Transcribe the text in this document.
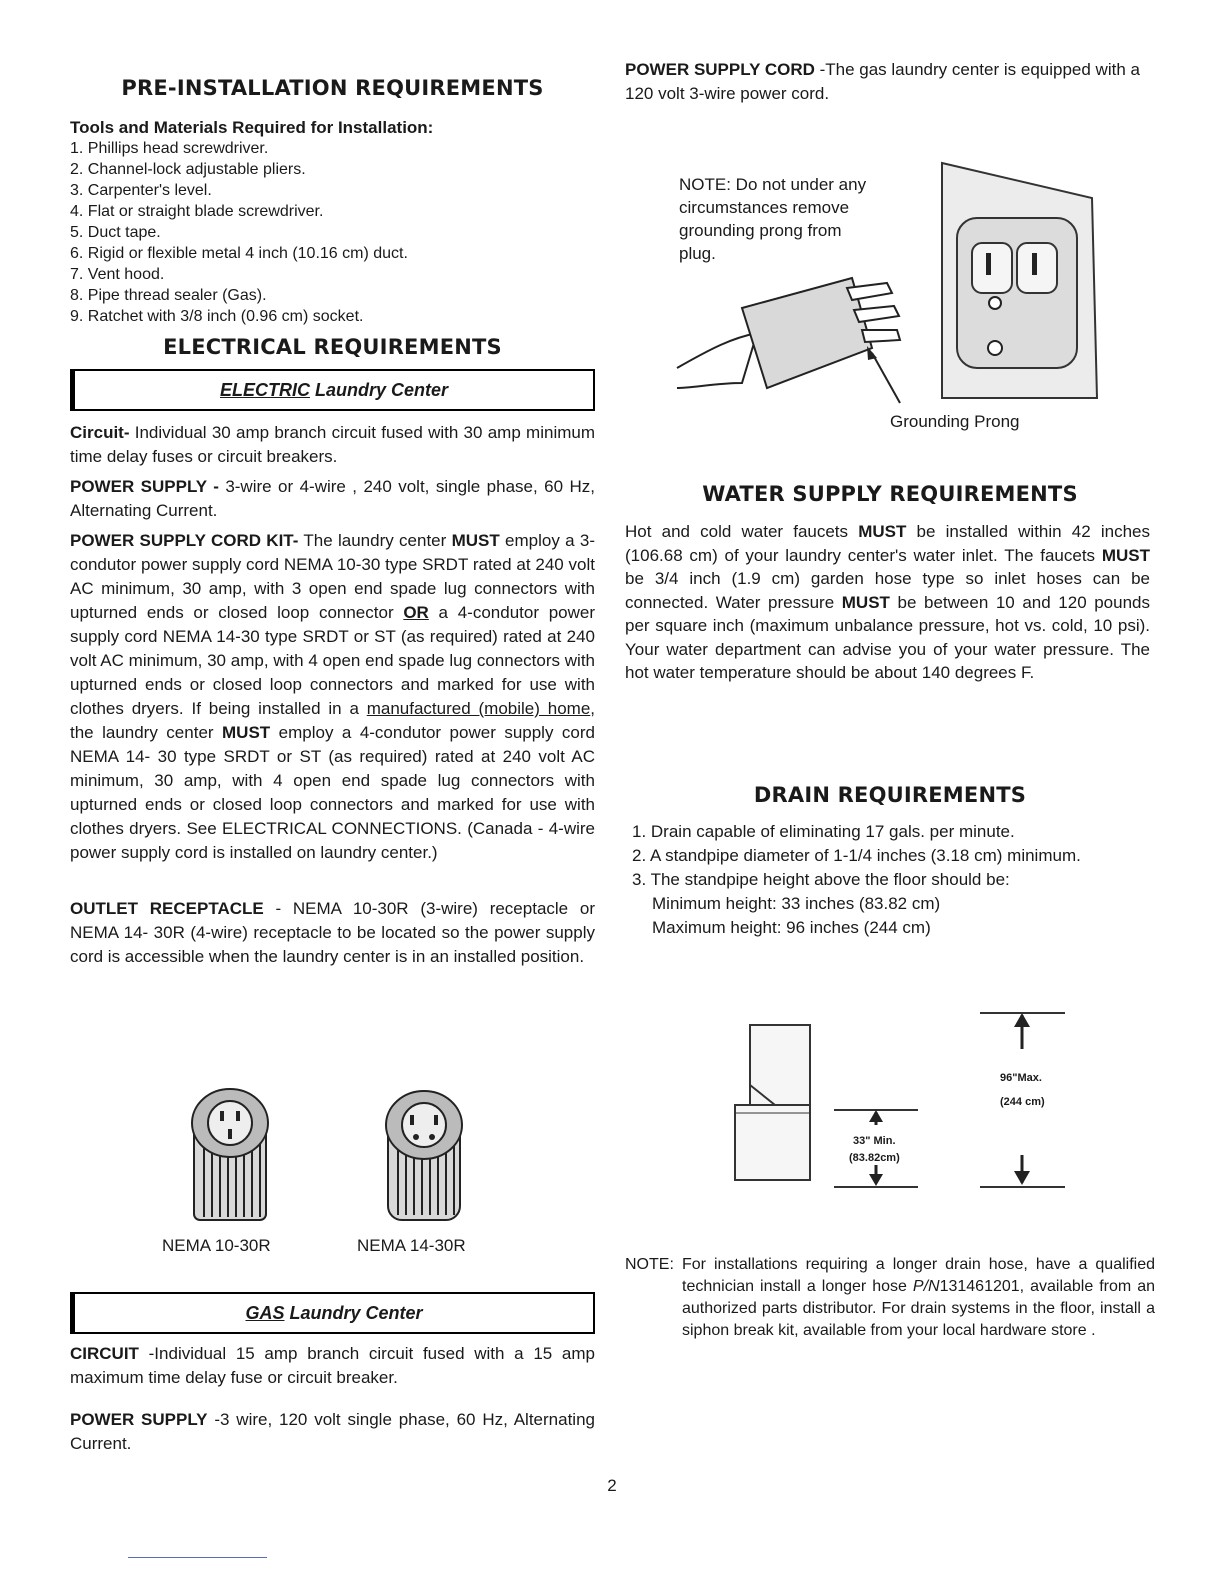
PRE-INSTALLATION REQUIREMENTS
Tools and Materials Required for Installation:
1. Phillips head screwdriver.
2. Channel-lock adjustable pliers.
3. Carpenter's level.
4. Flat or straight blade screwdriver.
5. Duct tape.
6. Rigid or flexible metal 4 inch (10.16 cm) duct.
7. Vent hood.
8. Pipe thread sealer (Gas).
9. Ratchet with 3/8 inch (0.96 cm) socket.
ELECTRICAL REQUIREMENTS
ELECTRIC Laundry Center

Circuit- Individual 30 amp branch circuit fused with 30 amp minimum time delay fuses or circuit breakers.

POWER SUPPLY - 3-wire or 4-wire , 240 volt, single phase, 60 Hz, Alternating Current.

POWER SUPPLY CORD KIT- The laundry center MUST employ a 3-condutor power supply cord NEMA 10-30 type SRDT rated at 240 volt AC minimum, 30 amp, with 3 open end spade lug connectors with upturned ends or closed loop connector OR a 4-condutor power supply cord NEMA 14-30 type SRDT or ST (as required) rated at 240 volt AC minimum, 30 amp, with 4 open end spade lug connectors with upturned ends or closed loop connectors and marked for use with clothes dryers. If being installed in a manufactured (mobile) home, the laundry center MUST employ a 4-condutor power supply cord NEMA 14- 30 type SRDT or ST (as required) rated at 240 volt AC minimum, 30 amp, with 4 open end spade lug connectors with upturned ends or closed loop connectors and marked for use with clothes dryers. See ELECTRICAL CONNECTIONS. (Canada - 4-wire power supply cord is installed on laundry center.)

OUTLET RECEPTACLE - NEMA 10-30R (3-wire) receptacle or NEMA 14- 30R (4-wire) receptacle to be located so the power supply cord is accessible when the laundry center is in an installed position.

NEMA 10-30R	NEMA 14-30R
GAS Laundry Center

CIRCUIT -Individual 15 amp branch circuit fused with a 15 amp maximum time delay fuse or circuit breaker.

POWER SUPPLY -3 wire, 120 volt single phase, 60 Hz, Alternating Current.

POWER SUPPLY CORD -The gas laundry center is equipped with a 120 volt 3-wire power cord.

NOTE: Do not under any circumstances remove grounding prong from plug.
Grounding Prong
WATER SUPPLY REQUIREMENTS

Hot and cold water faucets MUST be installed within 42 inches (106.68 cm) of your laundry center's water inlet. The faucets MUST be 3/4 inch (1.9 cm) garden hose type so inlet hoses can be connected. Water pressure MUST be between 10 and 120 pounds per square inch (maximum unbalance pressure, hot vs. cold, 10 psi). Your water department can advise you of your water pressure. The hot water temperature should be about 140 degrees F.

DRAIN REQUIREMENTS
1. Drain capable of eliminating 17 gals. per minute.
2. A standpipe diameter of 1-1/4 inches (3.18 cm) minimum.
3. The standpipe height above the floor should be:
Minimum height: 33 inches (83.82 cm)
Maximum height: 96 inches (244 cm)
96"Max.
(244 cm)
33" Min.
(83.82cm)
NOTE: For installations requiring a longer drain hose, have a qualified technician install a longer hose P/N131461201, available from an authorized parts distributor. For drain systems in the floor, install a siphon break kit, available from your local hardware store .
2
